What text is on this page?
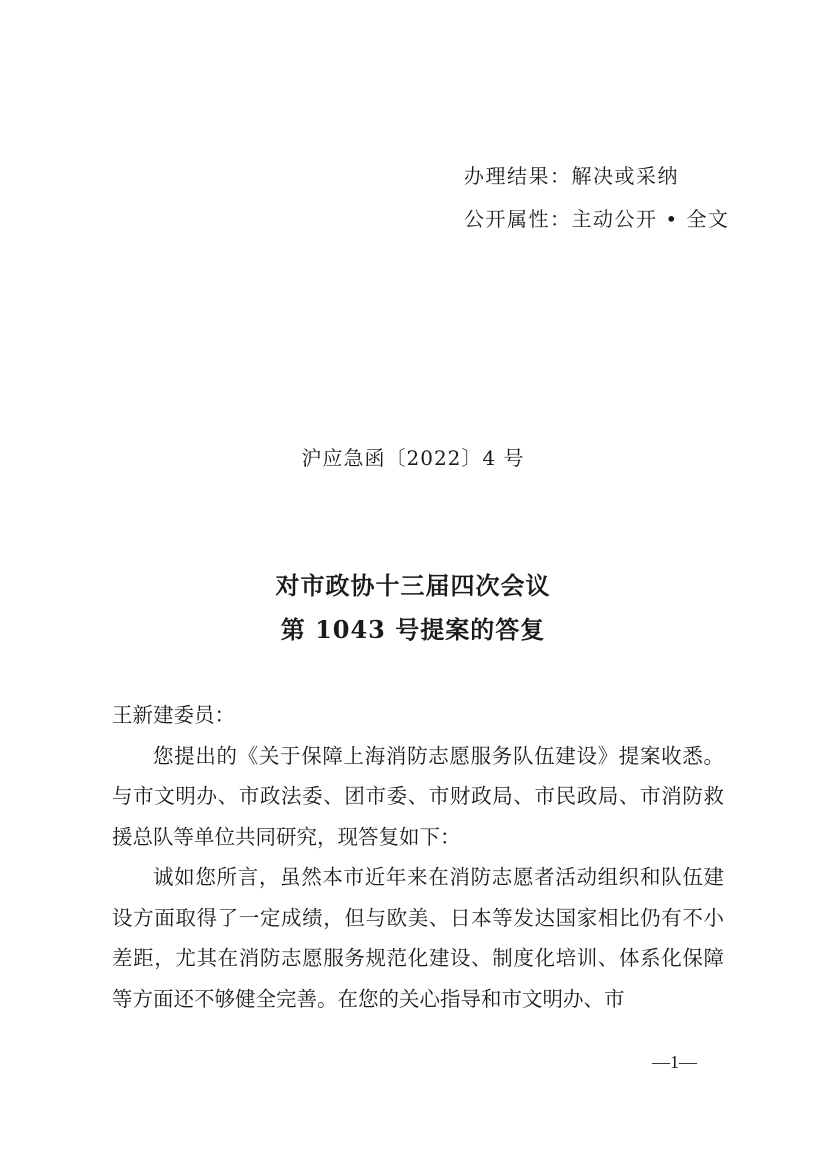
办理结果：解决或采纳
公开属性：主动公开 • 全文
沪应急函〔2022〕4 号
对市政协十三届四次会议
第 1043 号提案的答复

王新建委员：

您提出的《关于保障上海消防志愿服务队伍建设》提案收悉。与市文明办、市政法委、团市委、市财政局、市民政局、市消防救援总队等单位共同研究，现答复如下：

诚如您所言，虽然本市近年来在消防志愿者活动组织和队伍建设方面取得了一定成绩，但与欧美、日本等发达国家相比仍有不小差距，尤其在消防志愿服务规范化建设、制度化培训、体系化保障等方面还不够健全完善。在您的关心指导和市文明办、市

—1—
